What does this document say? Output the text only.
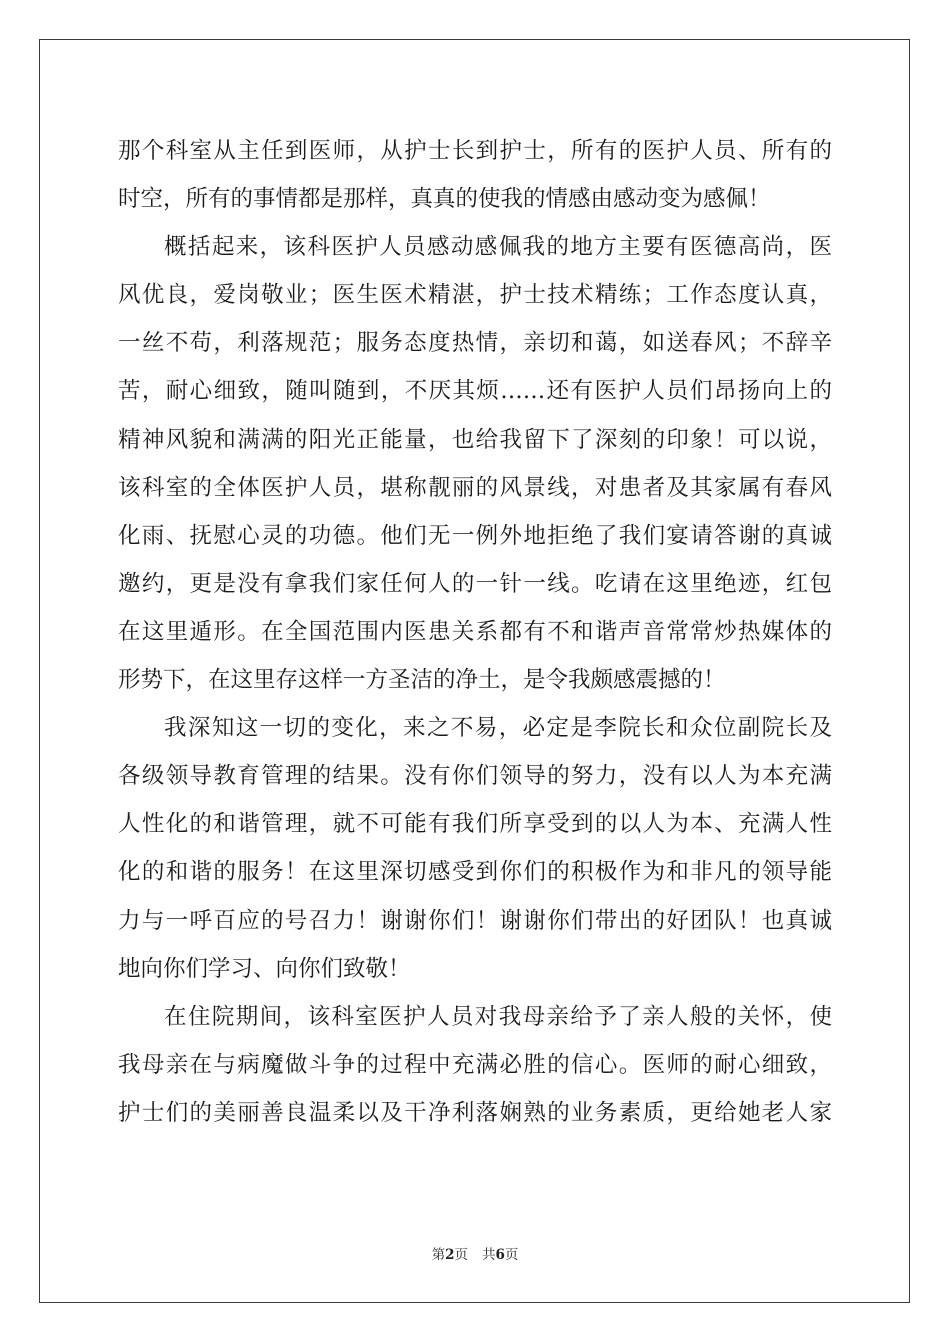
那个科室从主任到医师，从护士长到护士，所有的医护人员、所有的
时空，所有的事情都是那样，真真的使我的情感由感动变为感佩！
概括起来，该科医护人员感动感佩我的地方主要有医德高尚，医
风优良，爱岗敬业；医生医术精湛，护士技术精练；工作态度认真，
一丝不苟，利落规范；服务态度热情，亲切和蔼，如送春风；不辞辛
苦，耐心细致，随叫随到，不厌其烦……还有医护人员们昂扬向上的
精神风貌和满满的阳光正能量，也给我留下了深刻的印象！可以说，
该科室的全体医护人员，堪称靓丽的风景线，对患者及其家属有春风
化雨、抚慰心灵的功德。他们无一例外地拒绝了我们宴请答谢的真诚
邀约，更是没有拿我们家任何人的一针一线。吃请在这里绝迹，红包
在这里遁形。在全国范围内医患关系都有不和谐声音常常炒热媒体的
形势下，在这里存这样一方圣洁的净土，是令我颇感震撼的！
我深知这一切的变化，来之不易，必定是李院长和众位副院长及
各级领导教育管理的结果。没有你们领导的努力，没有以人为本充满
人性化的和谐管理，就不可能有我们所享受到的以人为本、充满人性
化的和谐的服务！在这里深切感受到你们的积极作为和非凡的领导能
力与一呼百应的号召力！谢谢你们！谢谢你们带出的好团队！也真诚
地向你们学习、向你们致敬！
在住院期间，该科室医护人员对我母亲给予了亲人般的关怀，使
我母亲在与病魔做斗争的过程中充满必胜的信心。医师的耐心细致，
护士们的美丽善良温柔以及干净利落娴熟的业务素质，更给她老人家
第2页 共6页
